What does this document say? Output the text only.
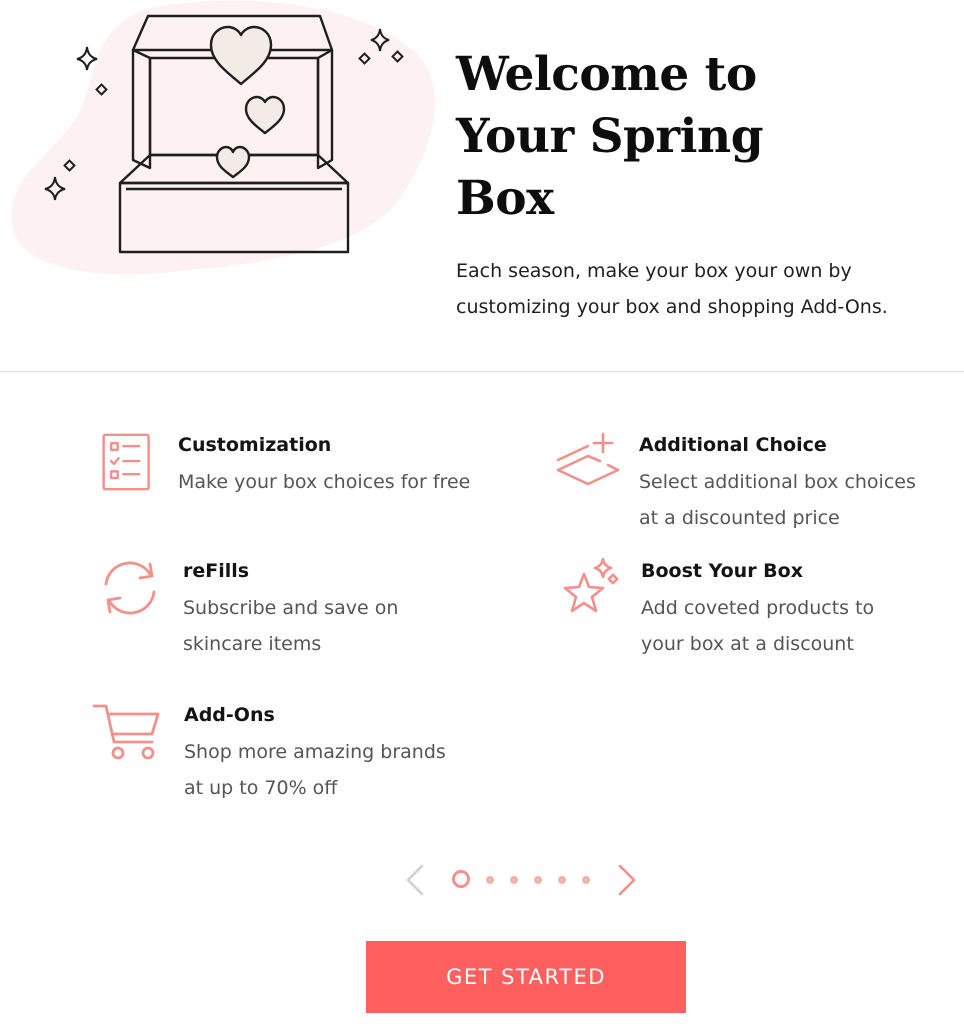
Welcome to
Your Spring
Box

Each season, make your box your own by
customizing your box and shopping Add-Ons.

Customization

Make your box choices for free

Additional Choice

Select additional box choices
at a discounted price

reFills

Subscribe and save on
skincare items

Boost Your Box

Add coveted products to
your box at a discount

Add-Ons

Shop more amazing brands
at up to 70% off

GET STARTED
